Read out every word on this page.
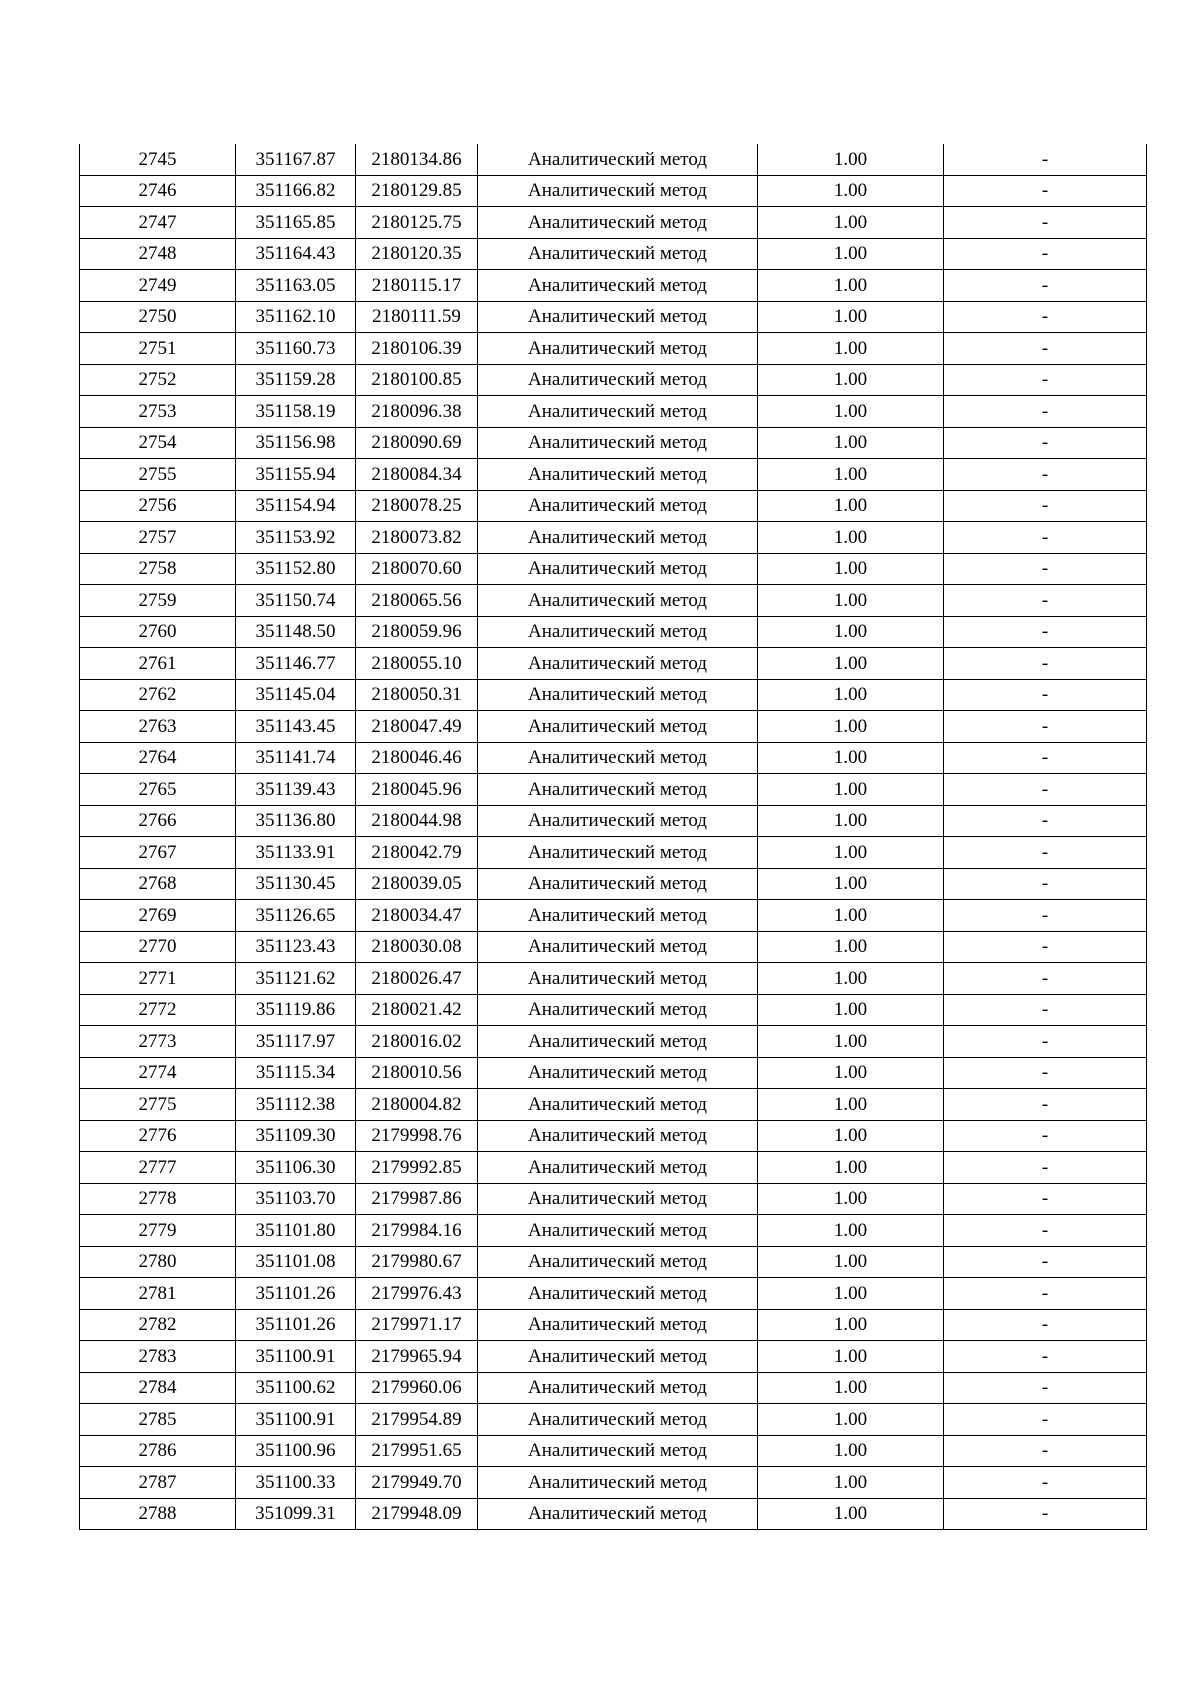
2745	351167.87	2180134.86	Аналитический метод	1.00	-
2746	351166.82	2180129.85	Аналитический метод	1.00	-
2747	351165.85	2180125.75	Аналитический метод	1.00	-
2748	351164.43	2180120.35	Аналитический метод	1.00	-
2749	351163.05	2180115.17	Аналитический метод	1.00	-
2750	351162.10	2180111.59	Аналитический метод	1.00	-
2751	351160.73	2180106.39	Аналитический метод	1.00	-
2752	351159.28	2180100.85	Аналитический метод	1.00	-
2753	351158.19	2180096.38	Аналитический метод	1.00	-
2754	351156.98	2180090.69	Аналитический метод	1.00	-
2755	351155.94	2180084.34	Аналитический метод	1.00	-
2756	351154.94	2180078.25	Аналитический метод	1.00	-
2757	351153.92	2180073.82	Аналитический метод	1.00	-
2758	351152.80	2180070.60	Аналитический метод	1.00	-
2759	351150.74	2180065.56	Аналитический метод	1.00	-
2760	351148.50	2180059.96	Аналитический метод	1.00	-
2761	351146.77	2180055.10	Аналитический метод	1.00	-
2762	351145.04	2180050.31	Аналитический метод	1.00	-
2763	351143.45	2180047.49	Аналитический метод	1.00	-
2764	351141.74	2180046.46	Аналитический метод	1.00	-
2765	351139.43	2180045.96	Аналитический метод	1.00	-
2766	351136.80	2180044.98	Аналитический метод	1.00	-
2767	351133.91	2180042.79	Аналитический метод	1.00	-
2768	351130.45	2180039.05	Аналитический метод	1.00	-
2769	351126.65	2180034.47	Аналитический метод	1.00	-
2770	351123.43	2180030.08	Аналитический метод	1.00	-
2771	351121.62	2180026.47	Аналитический метод	1.00	-
2772	351119.86	2180021.42	Аналитический метод	1.00	-
2773	351117.97	2180016.02	Аналитический метод	1.00	-
2774	351115.34	2180010.56	Аналитический метод	1.00	-
2775	351112.38	2180004.82	Аналитический метод	1.00	-
2776	351109.30	2179998.76	Аналитический метод	1.00	-
2777	351106.30	2179992.85	Аналитический метод	1.00	-
2778	351103.70	2179987.86	Аналитический метод	1.00	-
2779	351101.80	2179984.16	Аналитический метод	1.00	-
2780	351101.08	2179980.67	Аналитический метод	1.00	-
2781	351101.26	2179976.43	Аналитический метод	1.00	-
2782	351101.26	2179971.17	Аналитический метод	1.00	-
2783	351100.91	2179965.94	Аналитический метод	1.00	-
2784	351100.62	2179960.06	Аналитический метод	1.00	-
2785	351100.91	2179954.89	Аналитический метод	1.00	-
2786	351100.96	2179951.65	Аналитический метод	1.00	-
2787	351100.33	2179949.70	Аналитический метод	1.00	-
2788	351099.31	2179948.09	Аналитический метод	1.00	-
